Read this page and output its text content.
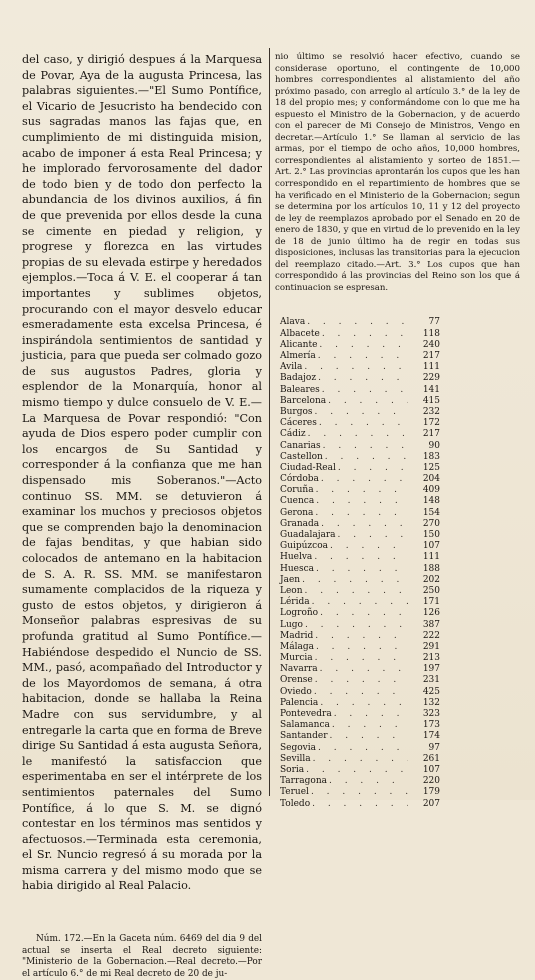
del caso, y dirigió despues á la Marquesa de Povar, Aya de la augusta Princesa, las palabras siguientes.—"El Sumo Pontífice, el Vicario de Jesucristo ha bendecido con sus sagradas manos las fajas que, en cumplimiento de mi distinguida mision, acabo de imponer á esta Real Princesa; y he implorado fervorosamente del dador de todo bien y de todo don perfecto la abundancia de los divinos auxilios, á fin de que prevenida por ellos desde la cuna se cimente en piedad y religion, y progrese y florezca en las virtudes propias de su elevada estirpe y heredados ejemplos.—Toca á V. E. el cooperar á tan importantes y sublimes objetos, procurando con el mayor desvelo educar esmeradamente esta excelsa Princesa, é inspirándola sentimientos de santidad y justicia, para que pueda ser colmado gozo de sus augustos Padres, gloria y esplendor de la Monarquía, honor al mismo tiempo y dulce consuelo de V. E.—La Marquesa de Povar respondió: "Con ayuda de Dios espero poder cumplir con los encargos de Su Santidad y corresponder á la confianza que me han dispensado mis Soberanos."—Acto continuo SS. MM. se detuvieron á examinar los muchos y preciosos objetos que se comprenden bajo la denominacion de fajas benditas, y que habian sido colocados de antemano en la habitacion de S. A. R. SS. MM. se manifestaron sumamente complacidos de la riqueza y gusto de estos objetos, y dirigieron á Monseñor palabras espresivas de su profunda gratitud al Sumo Pontífice.—Habiéndose despedido el Nuncio de SS. MM., pasó, acompañado del Introductor y de los Mayordomos de semana, á otra habitacion, donde se hallaba la Reina Madre con sus servidumbre, y al entregarle la carta que en forma de Breve dirige Su Santidad á esta augusta Señora, le manifestó la satisfaccion que esperimentaba en ser el intérprete de los sentimientos paternales del Sumo Pontífice, á lo que S. M. se dignó contestar en los términos mas sentidos y afectuosos.—Terminada esta ceremonia, el Sr. Nuncio regresó á su morada por la misma carrera y del mismo modo que se habia dirigido al Real Palacio.

Núm. 172.—En la Gaceta núm. 6469 del dia 9 del actual se inserta el Real decreto siguiente: "Ministerio de la Gobernacion.—Real decreto.—Por el artículo 6.° de mi Real decreto de 20 de ju-

nio último se resolvió hacer efectivo, cuando se considerase oportuno, el contingente de 10,000 hombres correspondientes al alistamiento del año próximo pasado, con arreglo al artículo 3.° de la ley de 18 del propio mes; y conformándome con lo que me ha espuesto el Ministro de la Gobernacion, y de acuerdo con el parecer de Mi Consejo de Ministros, Vengo en decretar.—Artículo 1.° Se llaman al servicio de las armas, por el tiempo de ocho años, 10,000 hombres, correspondientes al alistamiento y sorteo de 1851.—Art. 2.° Las provincias aprontarán los cupos que les han correspondido en el repartimiento de hombres que se ha verificado en el Ministerio de la Gobernacion; segun se determina por los artículos 10, 11 y 12 del proyecto de ley de reemplazos aprobado por el Senado en 20 de enero de 1830, y que en virtud de lo prevenido en la ley de 18 de junio último ha de regir en todas sus disposiciones, inclusas las transitorias para la ejecucion del reemplazo citado.—Art. 3.° Los cupos que han correspondido á las provincias del Reino son los que á continuacion se espresan.

Alava . . .	77
Albacete . . .	118
Alicante . . .	240
Almería . . .	217
Avila . . .	111
Badajoz . . .	229
Baleares . . .	141
Barcelona . . .	415
Burgos . . .	232
Cáceres . . .	172
Cádiz . . .	217
Canarias . . .	90
Castellon . . .	183
Ciudad-Real . . .	125
Córdoba . . .	204
Coruña . . .	409
Cuenca . . .	148
Gerona . . .	154
Granada . . .	270
Guadalajara . . .	150
Guipúzcoa . . .	107
Huelva . . .	111
Huesca . . .	188
Jaen . . .	202
Leon . . .	250
Lérida . . .	171
Logroño . . .	126
Lugo . . .	387
Madrid . . .	222
Málaga . . .	291
Murcia . . .	213
Navarra . . .	197
Orense . . .	231
Oviedo . . .	425
Palencia . . .	132
Pontevedra . . .	323
Salamanca . . .	173
Santander . . .	174
Segovia . . .	97
Sevilla . . .	261
Soria . . .	107
Tarragona . . .	220
Teruel . . .	179
Toledo . . .	207
